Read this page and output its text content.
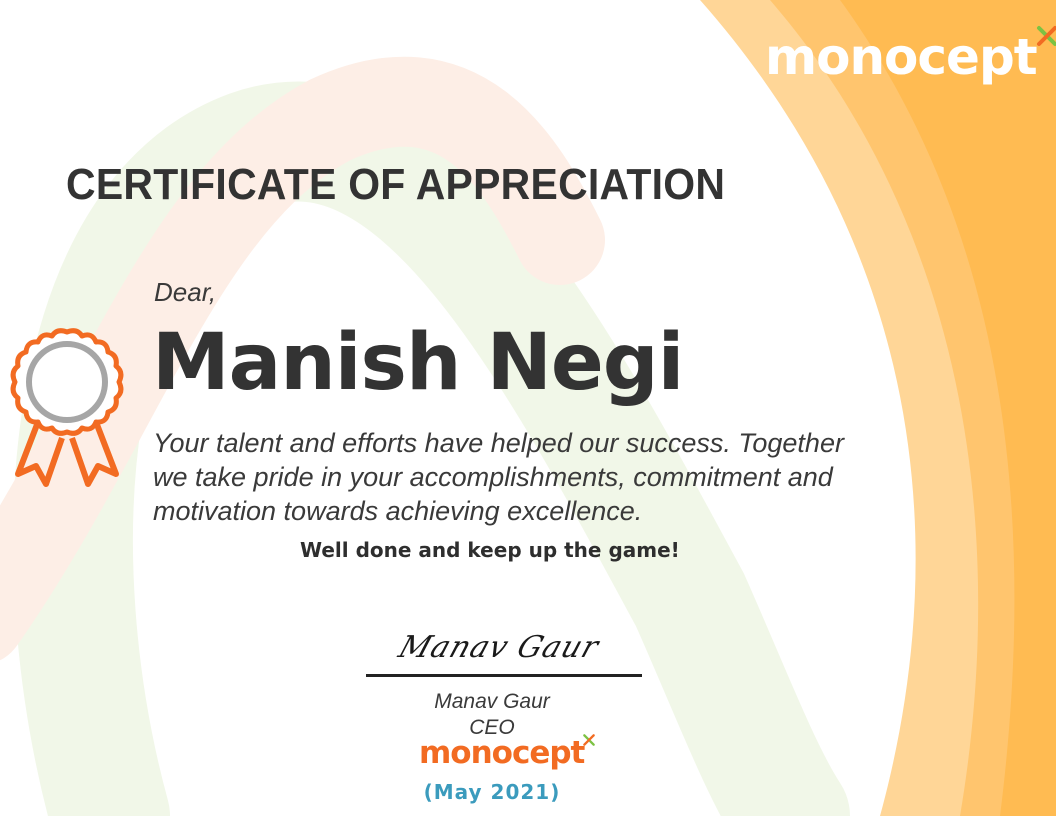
monocept
CERTIFICATE OF APPRECIATION
Dear,
Manish Negi
Your talent and efforts have helped our success. Together
we take pride in your accomplishments, commitment and
motivation towards achieving excellence.
Well done and keep up the game!
Manav Gaur
Manav Gaur
CEO
monocept
(May 2021)
